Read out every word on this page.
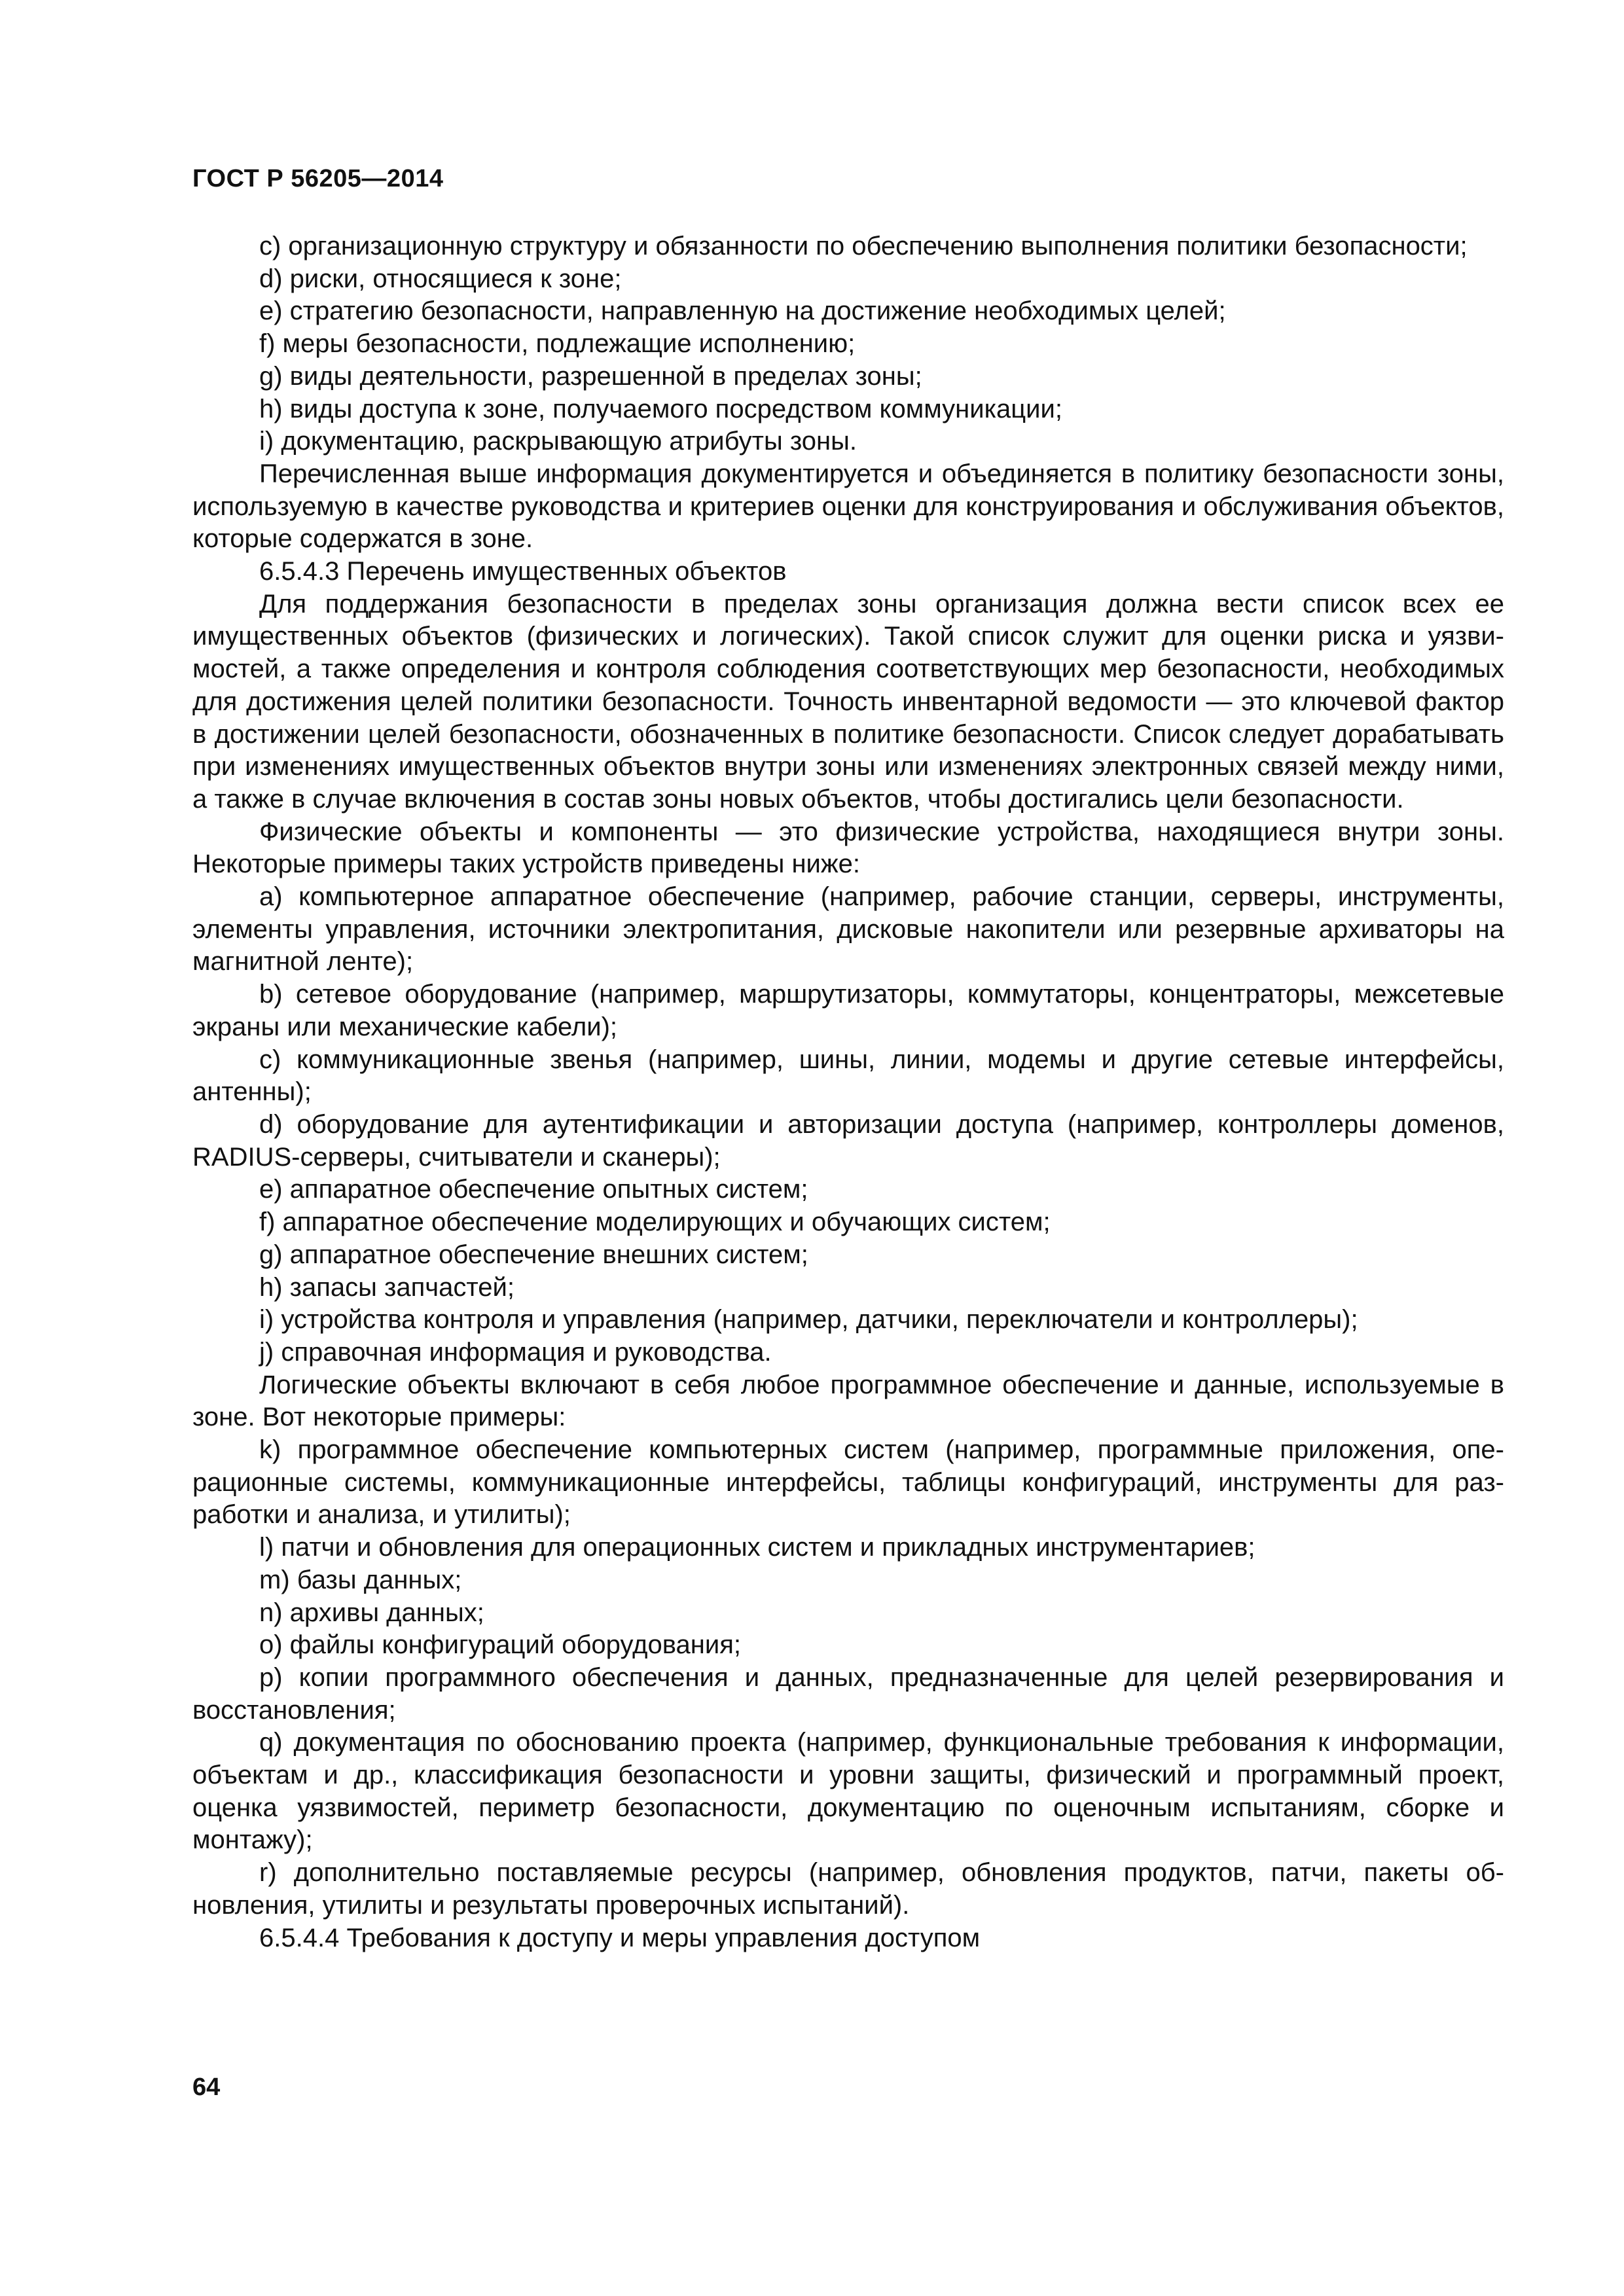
ГОСТ Р 56205—2014

c) организационную структуру и обязанности по обеспечению выполнения политики безопасности;

d) риски, относящиеся к зоне;

e) стратегию безопасности, направленную на достижение необходимых целей;

f) меры безопасности, подлежащие исполнению;

g) виды деятельности, разрешенной в пределах зоны;

h) виды доступа к зоне, получаемого посредством коммуникации;

i) документацию, раскрывающую атрибуты зоны.

Перечисленная выше информация документируется и объединяется в политику безопасности зоны, используемую в качестве руководства и критериев оценки для конструирования и обслуживания объектов, которые содержатся в зоне.

6.5.4.3 Перечень имущественных объектов

Для поддержания безопасности в пределах зоны организация должна вести список всех ее имущественных объектов (физических и логических). Такой список служит для оценки риска и уязвимостей, а также определения и контроля соблюдения соответствующих мер безопасности, необходимых для достижения целей политики безопасности. Точность инвентарной ведомости — это ключевой фактор в достижении целей безопасности, обозначенных в политике безопасности. Список следует дорабатывать при изменениях имущественных объектов внутри зоны или изменениях электронных связей между ними, а также в случае включения в состав зоны новых объектов, чтобы достигались цели безопасности.

Физические объекты и компоненты — это физические устройства, находящиеся внутри зоны. Некоторые примеры таких устройств приведены ниже:

a) компьютерное аппаратное обеспечение (например, рабочие станции, серверы, инструменты, элементы управления, источники электропитания, дисковые накопители или резервные архиваторы на магнитной ленте);

b) сетевое оборудование (например, маршрутизаторы, коммутаторы, концентраторы, межсетевые экраны или механические кабели);

c) коммуникационные звенья (например, шины, линии, модемы и другие сетевые интерфейсы, антенны);

d) оборудование для аутентификации и авторизации доступа (например, контроллеры доменов, RADIUS-серверы, считыватели и сканеры);

e) аппаратное обеспечение опытных систем;

f) аппаратное обеспечение моделирующих и обучающих систем;

g) аппаратное обеспечение внешних систем;

h) запасы запчастей;

i) устройства контроля и управления (например, датчики, переключатели и контроллеры);

j) справочная информация и руководства.

Логические объекты включают в себя любое программное обеспечение и данные, используемые в зоне. Вот некоторые примеры:

k) программное обеспечение компьютерных систем (например, программные приложения, операционные системы, коммуникационные интерфейсы, таблицы конфигураций, инструменты для разработки и анализа, и утилиты);

l) патчи и обновления для операционных систем и прикладных инструментариев;

m) базы данных;

n) архивы данных;

o) файлы конфигураций оборудования;

p) копии программного обеспечения и данных, предназначенные для целей резервирования и восстановления;

q) документация по обоснованию проекта (например, функциональные требования к информации, объектам и др., классификация безопасности и уровни защиты, физический и программный проект, оценка уязвимостей, периметр безопасности, документацию по оценочным испытаниям, сборке и монтажу);

r) дополнительно поставляемые ресурсы (например, обновления продуктов, патчи, пакеты обновления, утилиты и результаты проверочных испытаний).

6.5.4.4 Требования к доступу и меры управления доступом

64
